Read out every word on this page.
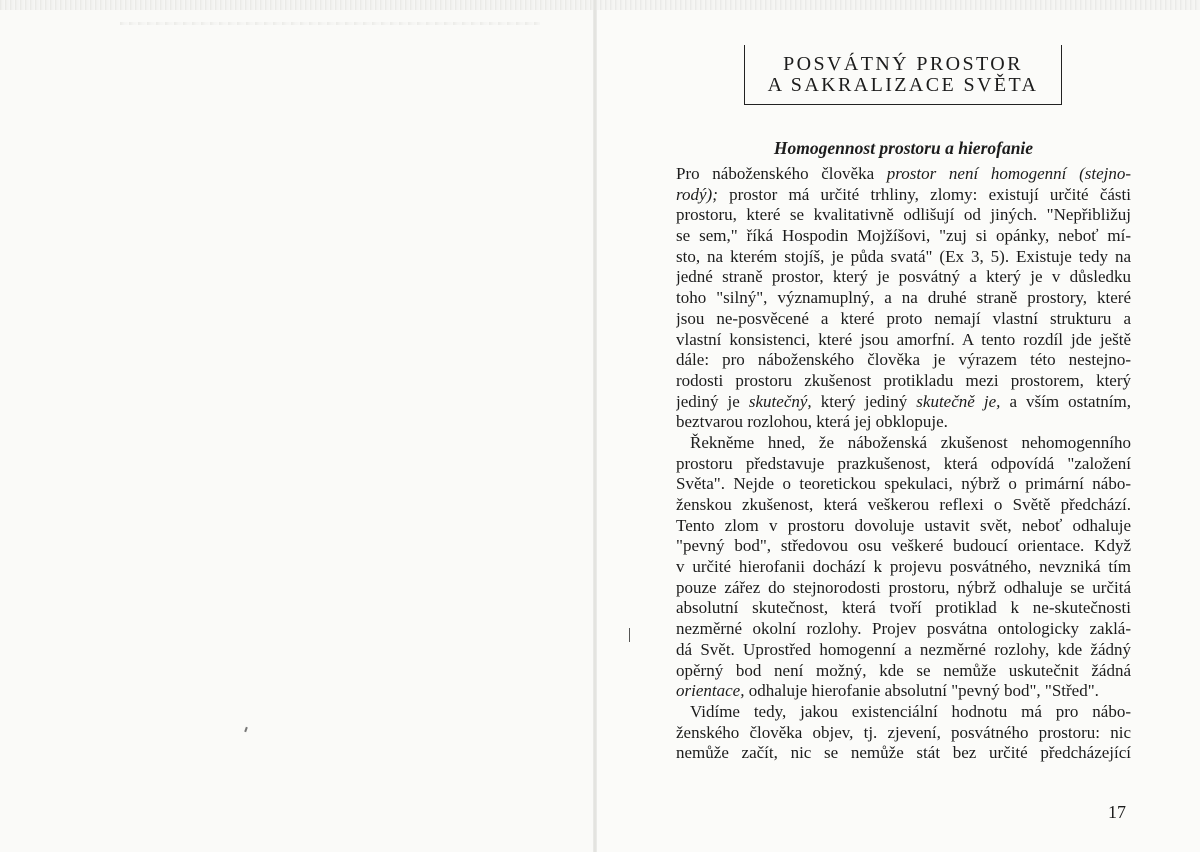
POSVÁTNÝ PROSTOR
A SAKRALIZACE SVĚTA
Homogennost prostoru a hierofanie
Pro náboženského člověka prostor není homogenní (stejno-
rodý); prostor má určité trhliny, zlomy: existují určité části
prostoru, které se kvalitativně odlišují od jiných. "Nepřibližuj
se sem," říká Hospodin Mojžíšovi, "zuj si opánky, neboť mí-
sto, na kterém stojíš, je půda svatá" (Ex 3, 5). Existuje tedy na
jedné straně prostor, který je posvátný a který je v důsledku
toho "silný", významuplný, a na druhé straně prostory, které
jsou ne-posvěcené a které proto nemají vlastní strukturu a
vlastní konsistenci, které jsou amorfní. A tento rozdíl jde ještě
dále: pro náboženského člověka je výrazem této nestejno-
rodosti prostoru zkušenost protikladu mezi prostorem, který
jediný je skutečný, který jediný skutečně je, a vším ostatním,
beztvarou rozlohou, která jej obklopuje.
Řekněme hned, že náboženská zkušenost nehomogenního
prostoru představuje prazkušenost, která odpovídá "založení
Světa". Nejde o teoretickou spekulaci, nýbrž o primární nábo-
ženskou zkušenost, která veškerou reflexi o Světě předchází.
Tento zlom v prostoru dovoluje ustavit svět, neboť odhaluje
"pevný bod", středovou osu veškeré budoucí orientace. Když
v určité hierofanii dochází k projevu posvátného, nevzniká tím
pouze zářez do stejnorodosti prostoru, nýbrž odhaluje se určitá
absolutní skutečnost, která tvoří protiklad k ne-skutečnosti
nezměrné okolní rozlohy. Projev posvátna ontologicky zaklá-
dá Svět. Uprostřed homogenní a nezměrné rozlohy, kde žádný
opěrný bod není možný, kde se nemůže uskutečnit žádná
orientace, odhaluje hierofanie absolutní "pevný bod", "Střed".
Vidíme tedy, jakou existenciální hodnotu má pro nábo-
ženského člověka objev, tj. zjevení, posvátného prostoru: nic
nemůže začít, nic se nemůže stát bez určité předcházející
17
